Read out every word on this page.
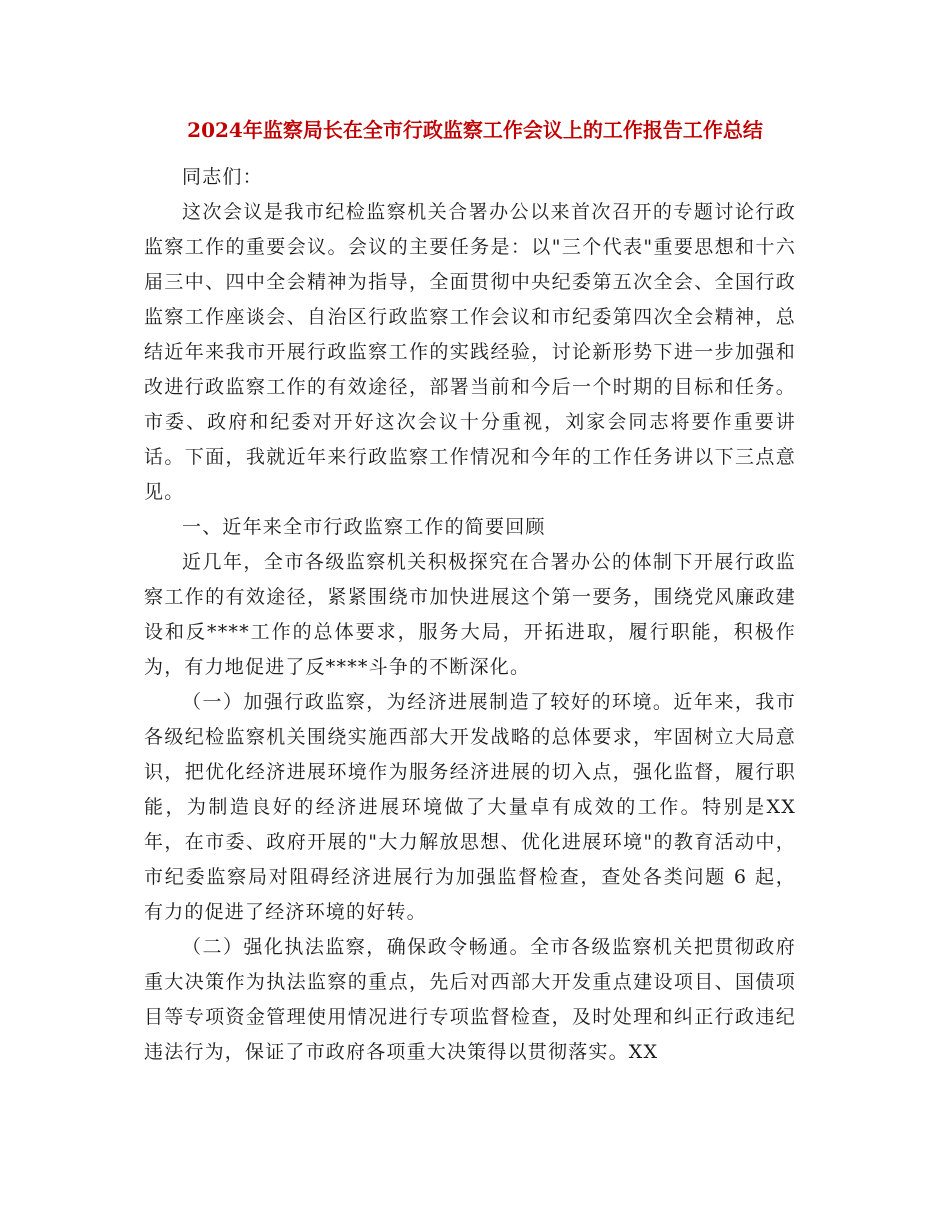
2024年监察局长在全市行政监察工作会议上的工作报告工作总结

同志们：

这次会议是我市纪检监察机关合署办公以来首次召开的专题讨论行政监察工作的重要会议。会议的主要任务是：以"三个代表"重要思想和十六届三中、四中全会精神为指导，全面贯彻中央纪委第五次全会、全国行政监察工作座谈会、自治区行政监察工作会议和市纪委第四次全会精神，总结近年来我市开展行政监察工作的实践经验，讨论新形势下进一步加强和改进行政监察工作的有效途径，部署当前和今后一个时期的目标和任务。市委、政府和纪委对开好这次会议十分重视，刘家会同志将要作重要讲话。下面，我就近年来行政监察工作情况和今年的工作任务讲以下三点意见。

一、近年来全市行政监察工作的简要回顾

近几年，全市各级监察机关积极探究在合署办公的体制下开展行政监察工作的有效途径，紧紧围绕市加快进展这个第一要务，围绕党风廉政建设和反****工作的总体要求，服务大局，开拓进取，履行职能，积极作为，有力地促进了反****斗争的不断深化。

（一）加强行政监察，为经济进展制造了较好的环境。近年来，我市各级纪检监察机关围绕实施西部大开发战略的总体要求，牢固树立大局意识，把优化经济进展环境作为服务经济进展的切入点，强化监督，履行职能，为制造良好的经济进展环境做了大量卓有成效的工作。特别是XX年，在市委、政府开展的"大力解放思想、优化进展环境"的教育活动中，市纪委监察局对阻碍经济进展行为加强监督检查，查处各类问题 6 起，有力的促进了经济环境的好转。

（二）强化执法监察，确保政令畅通。全市各级监察机关把贯彻政府重大决策作为执法监察的重点，先后对西部大开发重点建设项目、国债项目等专项资金管理使用情况进行专项监督检查，及时处理和纠正行政违纪违法行为，保证了市政府各项重大决策得以贯彻落实。XX
